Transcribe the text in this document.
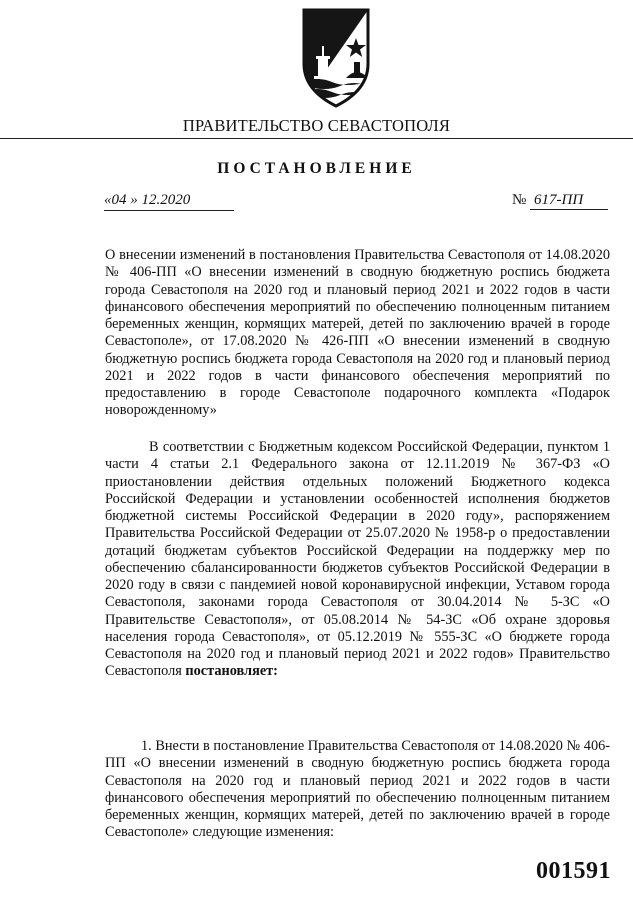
ПРАВИТЕЛЬСТВО СЕВАСТОПОЛЯ
ПОСТАНОВЛЕНИЕ
«04 » 12.2020	№ 617-ПП
О внесении изменений в постановления Правительства Севастополя от 14.08.2020 № 406-ПП «О внесении изменений в сводную бюджетную роспись бюджета города Севастополя на 2020 год и плановый период 2021 и 2022 годов в части финансового обеспечения мероприятий по обеспечению полноценным питанием беременных женщин, кормящих матерей, детей по заключению врачей в городе Севастополе», от 17.08.2020 № 426-ПП «О внесении изменений в сводную бюджетную роспись бюджета города Севастополя на 2020 год и плановый период 2021 и 2022 годов в части финансового обеспечения мероприятий по предоставлению в городе Севастополе подарочного комплекта «Подарок новорожденному»
В соответствии с Бюджетным кодексом Российской Федерации, пунктом 1 части 4 статьи 2.1 Федерального закона от 12.11.2019 № 367-ФЗ «О приостановлении действия отдельных положений Бюджетного кодекса Российской Федерации и установлении особенностей исполнения бюджетов бюджетной системы Российской Федерации в 2020 году», распоряжением Правительства Российской Федерации от 25.07.2020 № 1958-р о предоставлении дотаций бюджетам субъектов Российской Федерации на поддержку мер по обеспечению сбалансированности бюджетов субъектов Российской Федерации в 2020 году в связи с пандемией новой коронавирусной инфекции, Уставом города Севастополя, законами города Севастополя от 30.04.2014 № 5-ЗС «О Правительстве Севастополя», от 05.08.2014 № 54-ЗС «Об охране здоровья населения города Севастополя», от 05.12.2019 № 555-ЗС «О бюджете города Севастополя на 2020 год и плановый период 2021 и 2022 годов» Правительство Севастополя постановляет:
1. Внести в постановление Правительства Севастополя от 14.08.2020 № 406-ПП «О внесении изменений в сводную бюджетную роспись бюджета города Севастополя на 2020 год и плановый период 2021 и 2022 годов в части финансового обеспечения мероприятий по обеспечению полноценным питанием беременных женщин, кормящих матерей, детей по заключению врачей в городе Севастополе» следующие изменения:
001591
